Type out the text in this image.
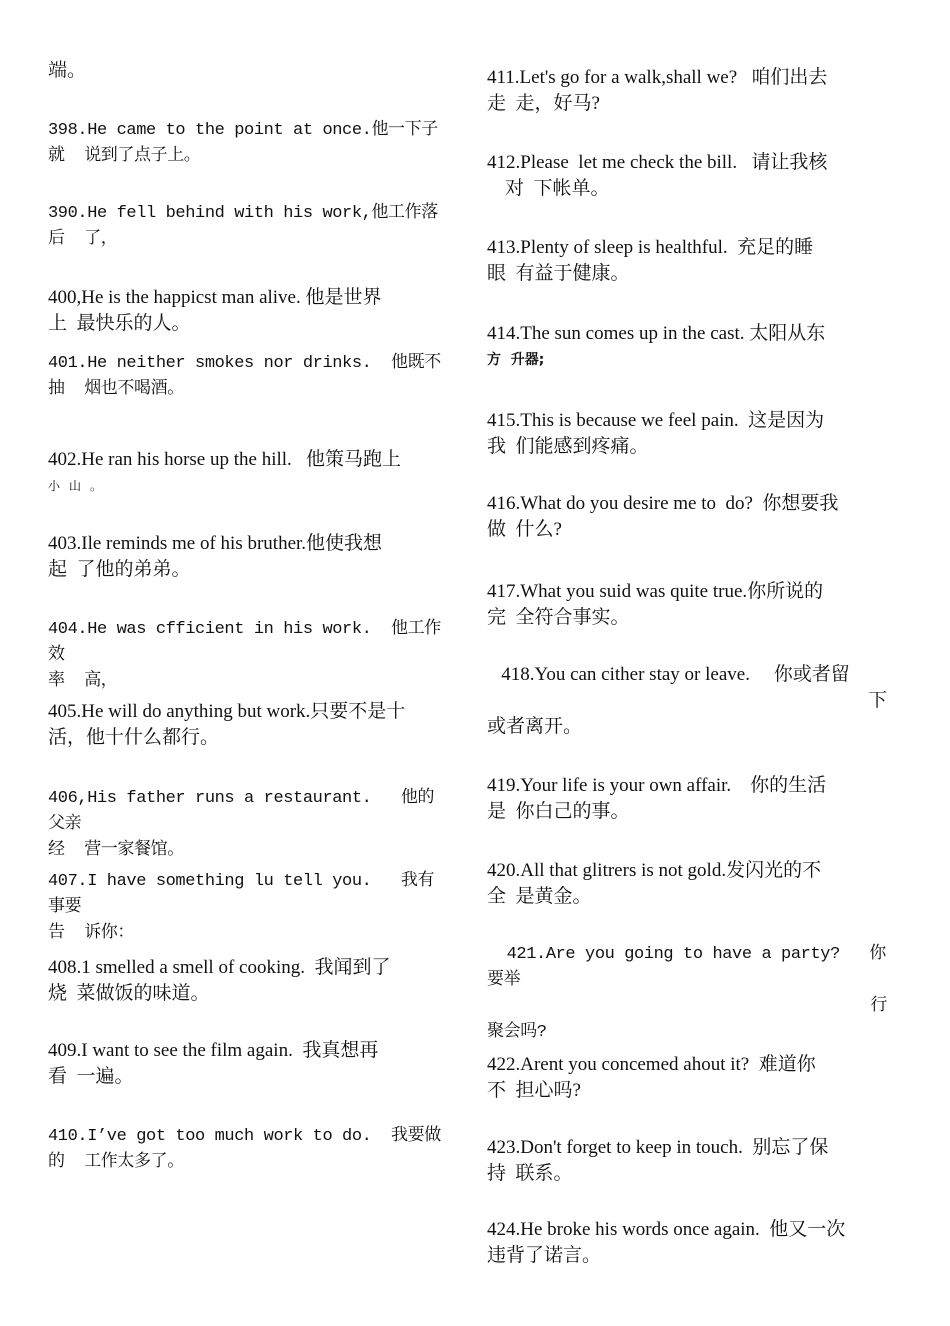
端。

398.He came to the point at once.他一下子
就  说到了点子上。

390.He fell behind with his work,他工作落
后  了，

400,He is the happicst man alive. 他是世界
上  最快乐的人。

401.He neither smokes nor drinks.  他既不
抽  烟也不喝酒。

402.He ran his horse up the hill.   他策马跑上
小 山 。

403.Ile reminds me of his bruther.他使我想
起  了他的弟弟。

404.He was cfficient in his work.  他工作效
率  高，

405.He will do anything but work.只要不是十
活，他十什么都行。

406,His father runs a restaurant.   他的父亲
经  营一家餐馆。

407.I have something lu tell you.   我有事要
告  诉你：

408.1 smelled a smell of cooking.  我闻到了
烧  菜做饭的味道。

409.I want to see the film again.  我真想再
看  一遍。

410.I’ve got too much work to do.  我要做
的  工作太多了。

411.Let's go for a walk,shall we?   咱们出去
走  走，好马?

412.Please  let me check the bill.   请让我核
对  下帐单。

413.Plenty of sleep is healthful.  充足的睡
眼  有益于健康。

414.The sun comes up in the cast. 太阳从东
方  升器;

415.This is because we feel pain.  这是因为
我  们能感到疼痛。

416.What do you desire me to  do?  你想要我
做  什么?

417.What you suid was quite true.你所说的
完  全符合事实。

418.You can cither stay or leave.     你或者留
下
或者离开。

419.Your life is your own affair.    你的生活
是  你白己的事。

420.All that glitrers is not gold.发闪光的不
全  是黄金。

421.Are you going to have a party?   你要举
行
聚会吗?

422.Arent you concemed ahout it?  难道你
不  担心吗?

423.Don't forget to keep in touch.  别忘了保
持  联系。

424.He broke his words once again.  他又一次
违背了诺言。
